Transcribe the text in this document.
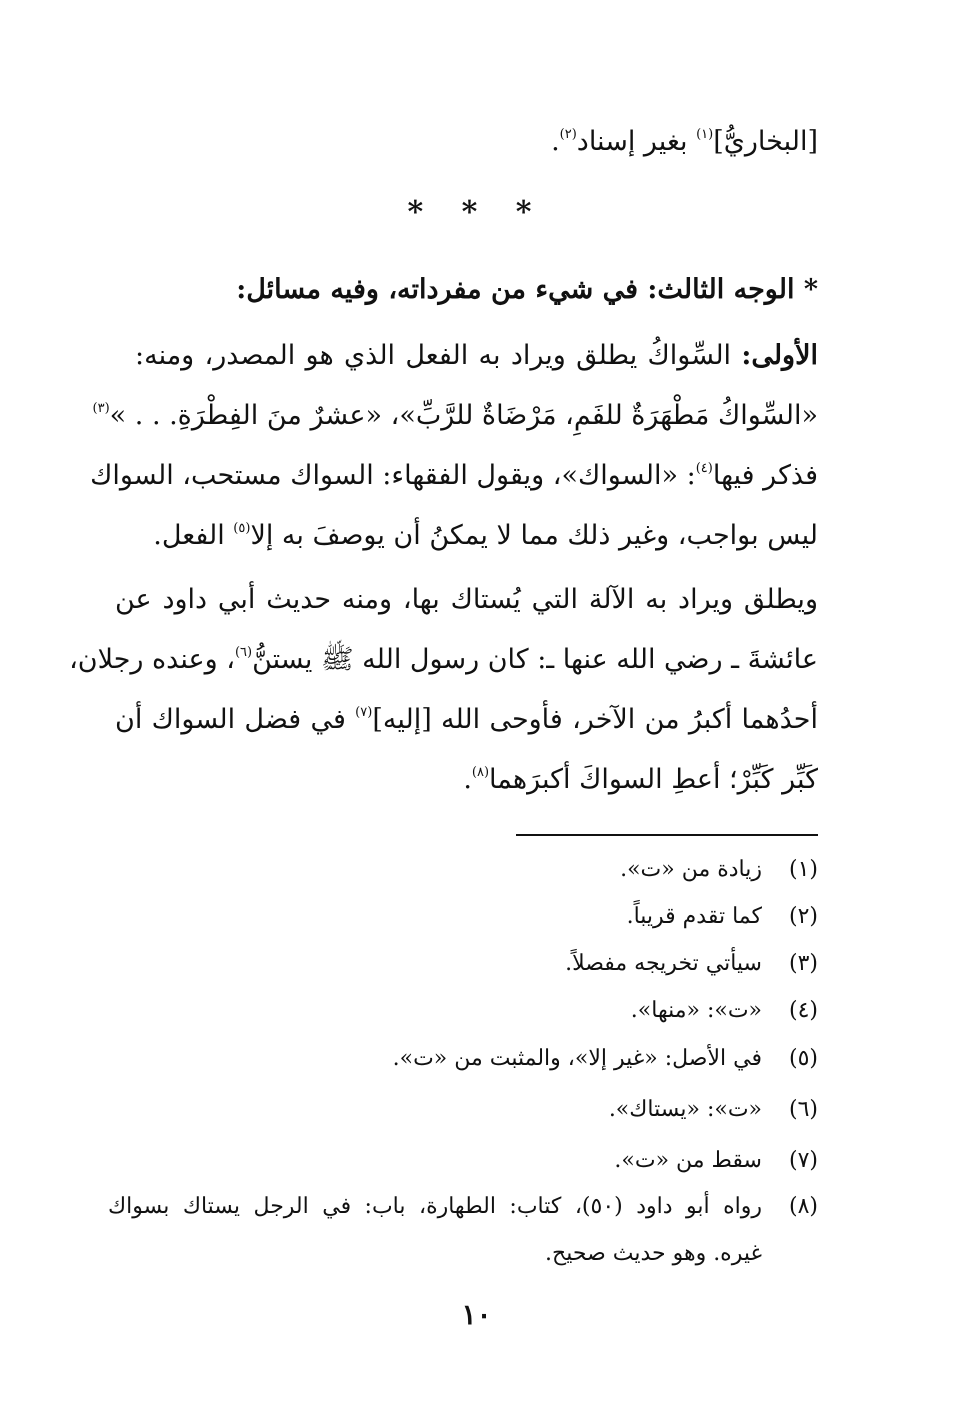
[البخاريُّ]$^{(١)}$ بغير إسناد$^{(٢)}$.
* * *
* الوجه الثالث: في شيء من مفرداته، وفيه مسائل:
الأولى: السِّواكُ يطلق ويراد به الفعل الذي هو المصدر، ومنه:
«السِّواكُ مَطْهَرَةٌ للفَمِ، مَرْضَاةٌ للرَّبِّ»، «عشرٌ منَ الفِطْرَةِ. . . »$^{(٣)}$
فذكر فيها$^{(٤)}$: «السواك»، ويقول الفقهاء: السواك مستحب، السواك
ليس بواجب، وغير ذلك مما لا يمكنُ أن يوصفَ به إلا$^{(٥)}$ الفعل.
ويطلق ويراد به الآلة التي يُستاك بها، ومنه حديث أبي داود عن
عائشةَ ـ رضي الله عنها ـ: كان رسول الله ﷺ يستنُّ$^{(٦)}$، وعنده رجلان،
أحدُهما أكبرُ من الآخر، فأوحى الله [إليه]$^{(٧)}$ في فضل السواك أن
كَبِّر كَبِّرْ؛ أعطِ السواكَ أكبرَهما$^{(٨)}$.
(١)زيادة من «ت».
(٢)كما تقدم قريباً.
(٣)سيأتي تخريجه مفصلاً.
(٤)«ت»: «منها».
(٥)في الأصل: «غير إلا»، والمثبت من «ت».
(٦)«ت»: «يستاك».
(٧)سقط من «ت».
(٨)رواه أبو داود (٥٠)، كتاب: الطهارة، باب: في الرجل يستاك بسواك
غيره. وهو حديث صحيح.
١٠
